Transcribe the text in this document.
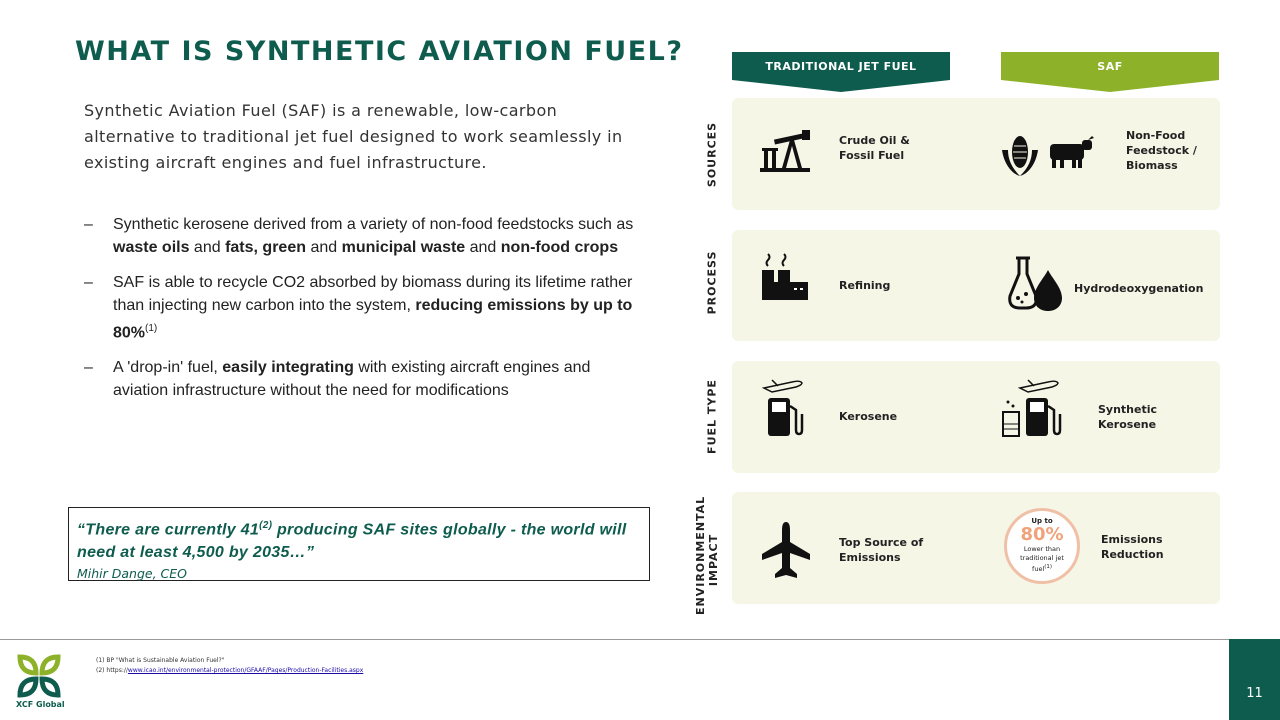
WHAT IS SYNTHETIC AVIATION FUEL?
Synthetic Aviation Fuel (SAF) is a renewable, low-carbon alternative to traditional jet fuel designed to work seamlessly in existing aircraft engines and fuel infrastructure.
– Synthetic kerosene derived from a variety of non-food feedstocks such as waste oils and fats, green and municipal waste and non-food crops
– SAF is able to recycle CO2 absorbed by biomass during its lifetime rather than injecting new carbon into the system, reducing emissions by up to 80%$^{(1)}$
– A 'drop-in' fuel, easily integrating with existing aircraft engines and aviation infrastructure without the need for modifications
“There are currently 41$^{(2)}$ producing SAF sites globally - the world will need at least 4,500 by 2035…”
Mihir Dange, CEO
TRADITIONAL JET FUEL	SAF
SOURCES
PROCESS
FUEL TYPE
ENVIRONMENTAL
IMPACT
Crude Oil &
Fossil Fuel
Non-Food
Feedstock /
Biomass
Refining	Hydrodeoxygenation
Kerosene
Synthetic
Kerosene
Top Source of
Emissions
Up to
80%
Lower than
traditional jet
fuel$^{(1)}$
Emissions
Reduction
11
XCF Global
(1) BP "What is Sustainable Aviation Fuel?"
(2) https://www.icao.int/environmental-protection/GFAAF/Pages/Production-Facilities.aspx
